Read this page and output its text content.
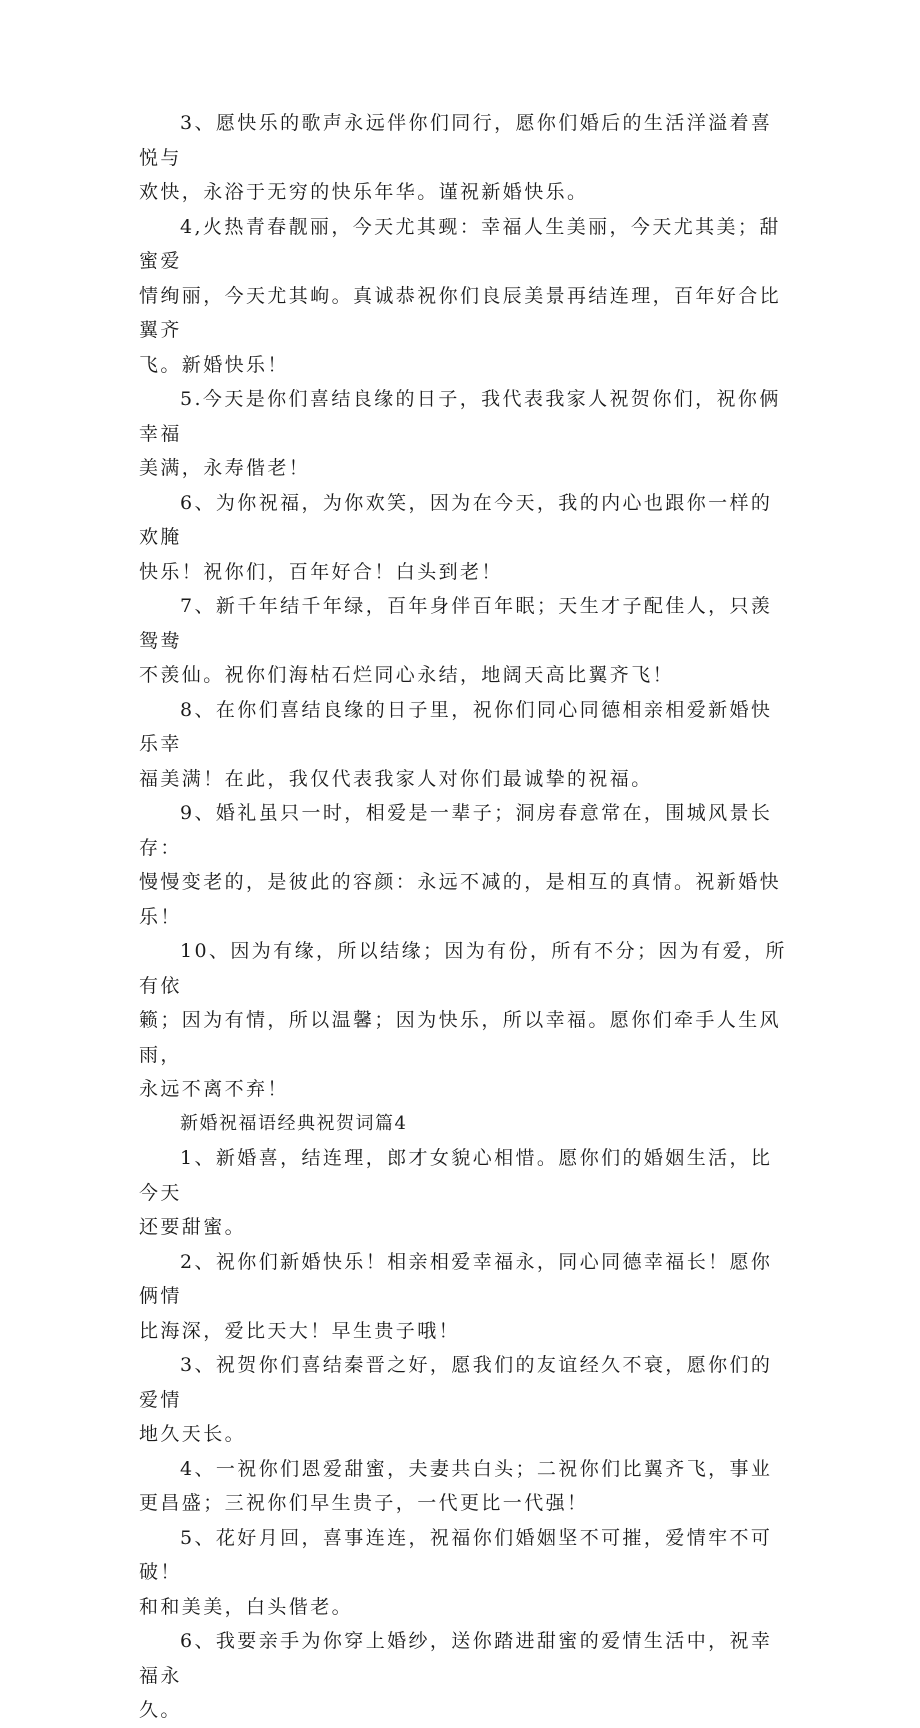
3、愿快乐的歌声永远伴你们同行，愿你们婚后的生活洋溢着喜悦与
欢快，永浴于无穷的快乐年华。谨祝新婚快乐。

4,火热青春靓丽，今天尤其觋：幸福人生美丽，今天尤其美；甜蜜爱
情绚丽，今天尤其岣。真诚恭祝你们良辰美景再结连理，百年好合比翼齐
飞。新婚快乐！

5.今天是你们喜结良缘的日子，我代表我家人祝贺你们，祝你俩幸福
美满，永寿偕老！

6、为你祝福，为你欢笑，因为在今天，我的内心也跟你一样的欢腌
快乐！祝你们，百年好合！白头到老！

7、新千年结千年绿，百年身伴百年眠；天生才子配佳人，只羡鸳鸯
不羡仙。祝你们海枯石烂同心永结，地阔天高比翼齐飞！

8、在你们喜结良缘的日子里，祝你们同心同德相亲相爱新婚快乐幸
福美满！在此，我仅代表我家人对你们最诚挚的祝福。

9、婚礼虽只一时，相爱是一辈子；洞房春意常在，围城风景长存：
慢慢变老的，是彼此的容颜：永远不减的，是相互的真情。祝新婚快乐！

10、因为有缘，所以结缘；因为有份，所有不分；因为有爱，所有依
籁；因为有情，所以温馨；因为快乐，所以幸福。愿你们牵手人生风雨，
永远不离不弃！

新婚祝福语经典祝贺词篇4

1、新婚喜，结连理，郎才女貌心相惜。愿你们的婚姻生活，比今天
还要甜蜜。

2、祝你们新婚快乐！相亲相爱幸福永，同心同德幸福长！愿你俩情
比海深，爱比天大！早生贵子哦！

3、祝贺你们喜结秦晋之好，愿我们的友谊经久不衰，愿你们的爱情
地久天长。

4、一祝你们恩爱甜蜜，夫妻共白头；二祝你们比翼齐飞，事业
更昌盛；三祝你们早生贵子，一代更比一代强！

5、花好月回，喜事连连，祝福你们婚姻坚不可摧，爱情牢不可破！
和和美美，白头偕老。

6、我要亲手为你穿上婚纱，送你踏进甜蜜的爱情生活中，祝幸福永
久。
